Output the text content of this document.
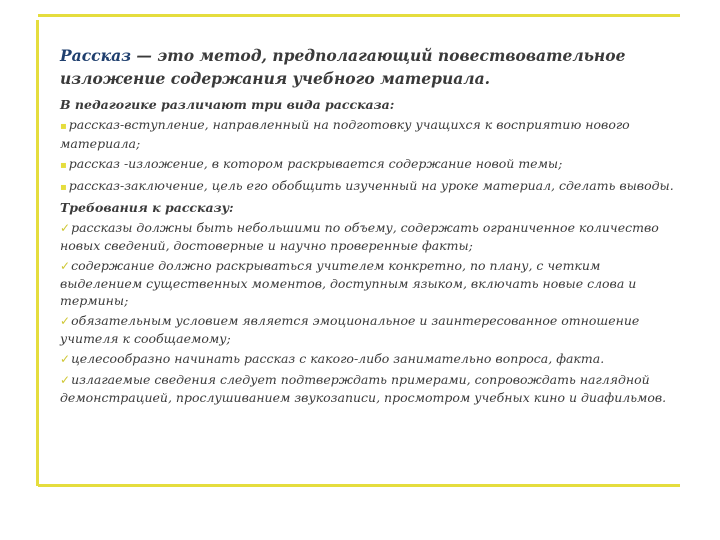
Рассказ — это метод, предполагающий повествовательное изложение содержания учебного материала.

В педагогике различают три вида рассказа:

▪ рассказ-вступление, направленный на подготовку учащихся к восприятию нового материала;

▪ рассказ -изложение, в котором раскрывается содержание новой темы;

▪ рассказ-заключение, цель его обобщить изученный на уроке материал, сделать выводы.

Требования к рассказу:

✓рассказы должны быть небольшими по объему, содержать ограниченное количество новых сведений, достоверные и научно проверенные факты;

✓содержание должно раскрываться учителем конкретно, по плану, с четким выделением существенных моментов, доступным языком, включать новые слова и термины;

✓обязательным условием является эмоциональное и заинтересованное отношение учителя к сообщаемому;

✓целесообразно начинать рассказ с какого-либо занимательно вопроса, факта.

✓излагаемые сведения следует подтверждать примерами, сопровождать наглядной демонстрацией, прослушиванием звукозаписи, просмотром учебных кино и диафильмов.
